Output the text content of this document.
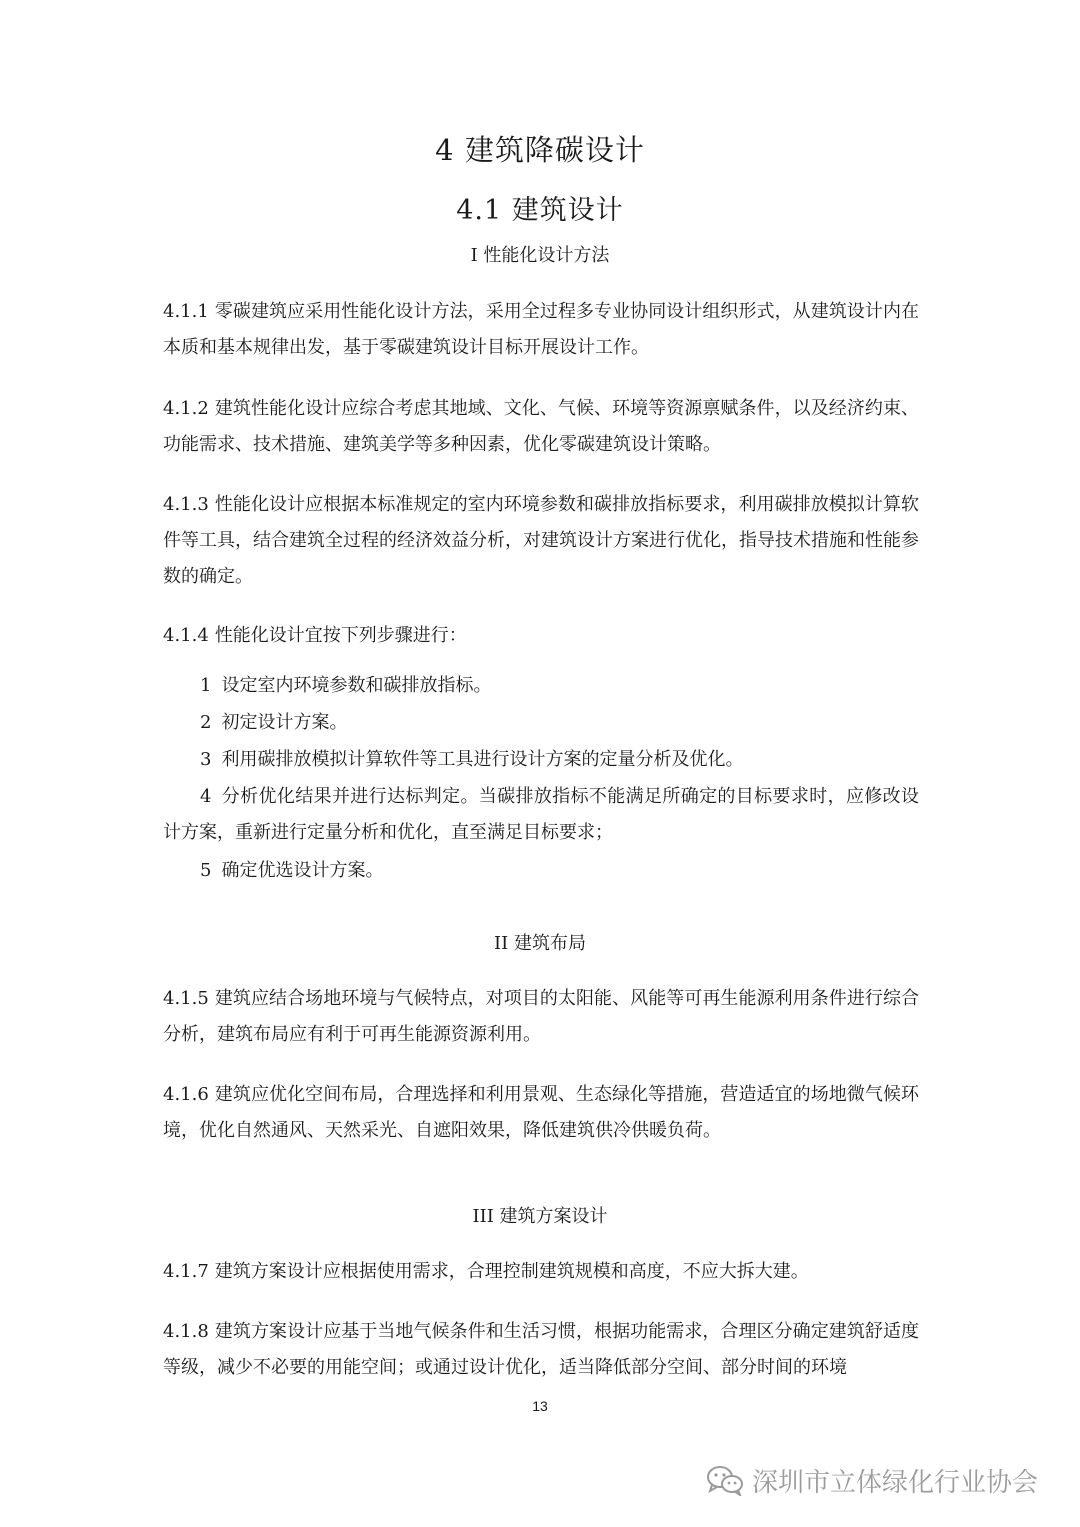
4 建筑降碳设计
4.1 建筑设计
I 性能化设计方法
4.1.1 零碳建筑应采用性能化设计方法，采用全过程多专业协同设计组织形式，从建筑设计内在本质和基本规律出发，基于零碳建筑设计目标开展设计工作。
4.1.2 建筑性能化设计应综合考虑其地域、文化、气候、环境等资源禀赋条件，以及经济约束、功能需求、技术措施、建筑美学等多种因素，优化零碳建筑设计策略。
4.1.3 性能化设计应根据本标准规定的室内环境参数和碳排放指标要求，利用碳排放模拟计算软件等工具，结合建筑全过程的经济效益分析，对建筑设计方案进行优化，指导技术措施和性能参数的确定。
4.1.4 性能化设计宜按下列步骤进行：
1 设定室内环境参数和碳排放指标。
2 初定设计方案。
3 利用碳排放模拟计算软件等工具进行设计方案的定量分析及优化。
4 分析优化结果并进行达标判定。当碳排放指标不能满足所确定的目标要求时，应修改设计方案，重新进行定量分析和优化，直至满足目标要求；
5 确定优选设计方案。
II 建筑布局
4.1.5 建筑应结合场地环境与气候特点，对项目的太阳能、风能等可再生能源利用条件进行综合分析，建筑布局应有利于可再生能源资源利用。
4.1.6 建筑应优化空间布局，合理选择和利用景观、生态绿化等措施，营造适宜的场地微气候环境，优化自然通风、天然采光、自遮阳效果，降低建筑供冷供暖负荷。
III 建筑方案设计
4.1.7 建筑方案设计应根据使用需求，合理控制建筑规模和高度，不应大拆大建。
4.1.8 建筑方案设计应基于当地气候条件和生活习惯，根据功能需求，合理区分确定建筑舒适度等级，减少不必要的用能空间；或通过设计优化，适当降低部分空间、部分时间的环境
13
深圳市立体绿化行业协会
